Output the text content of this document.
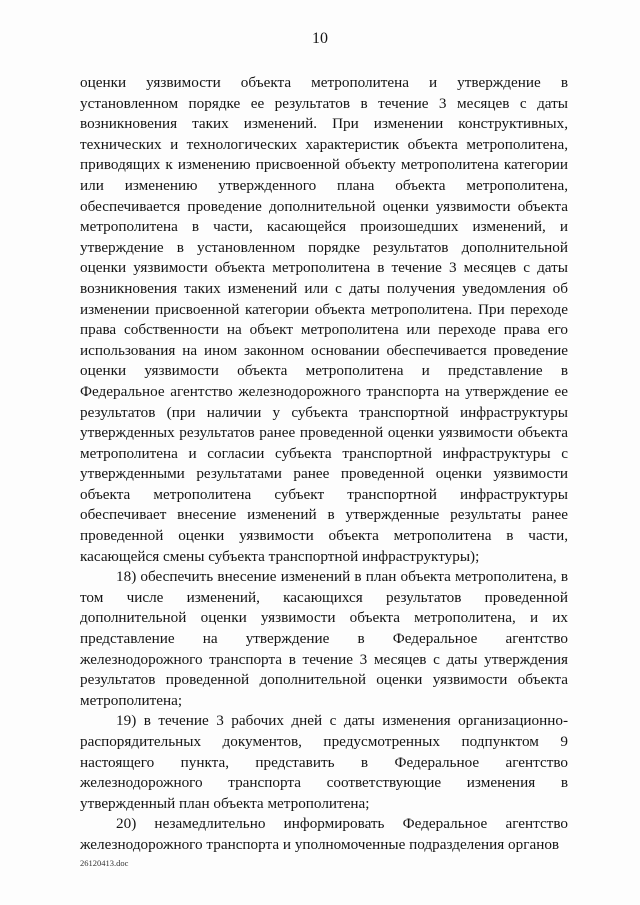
10

оценки уязвимости объекта метрополитена и утверждение в установленном порядке ее результатов в течение 3 месяцев с даты возникновения таких изменений. При изменении конструктивных, технических и технологических характеристик объекта метрополитена, приводящих к изменению присвоенной объекту метрополитена категории или изменению утвержденного плана объекта метрополитена, обеспечивается проведение дополнительной оценки уязвимости объекта метрополитена в части, касающейся произошедших изменений, и утверждение в установленном порядке результатов дополнительной оценки уязвимости объекта метрополитена в течение 3 месяцев с даты возникновения таких изменений или с даты получения уведомления об изменении присвоенной категории объекта метрополитена. При переходе права собственности на объект метрополитена или переходе права его использования на ином законном основании обеспечивается проведение оценки уязвимости объекта метрополитена и представление в Федеральное агентство железнодорожного транспорта на утверждение ее результатов (при наличии у субъекта транспортной инфраструктуры утвержденных результатов ранее проведенной оценки уязвимости объекта метрополитена и согласии субъекта транспортной инфраструктуры с утвержденными результатами ранее проведенной оценки уязвимости объекта метрополитена субъект транспортной инфраструктуры обеспечивает внесение изменений в утвержденные результаты ранее проведенной оценки уязвимости объекта метрополитена в части, касающейся смены субъекта транспортной инфраструктуры);

18) обеспечить внесение изменений в план объекта метрополитена, в том числе изменений, касающихся результатов проведенной дополнительной оценки уязвимости объекта метрополитена, и их представление на утверждение в Федеральное агентство железнодорожного транспорта в течение 3 месяцев с даты утверждения результатов проведенной дополнительной оценки уязвимости объекта метрополитена;

19) в течение 3 рабочих дней с даты изменения организационно-распорядительных документов, предусмотренных подпунктом 9 настоящего пункта, представить в Федеральное агентство железнодорожного транспорта соответствующие изменения в утвержденный план объекта метрополитена;

20) незамедлительно информировать Федеральное агентство железнодорожного транспорта и уполномоченные подразделения органов

26120413.doc
